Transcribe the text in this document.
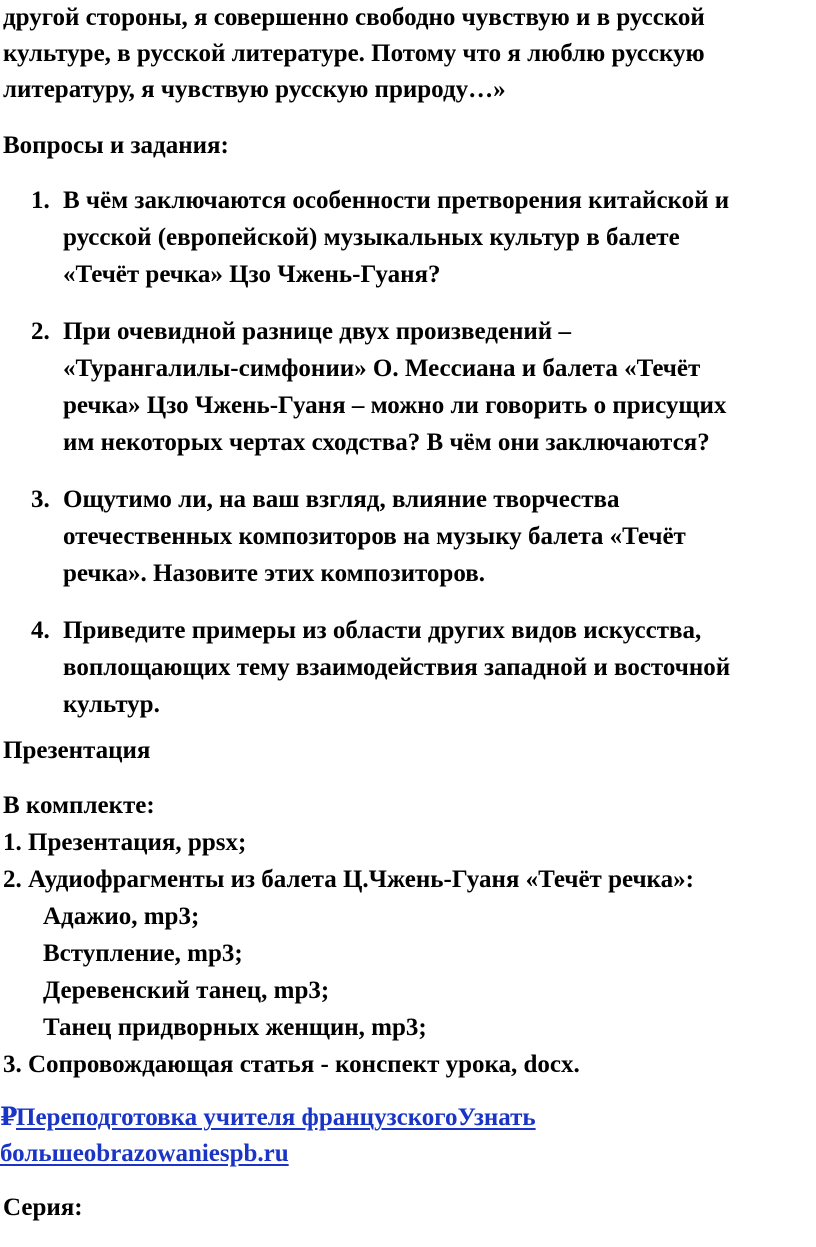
другой стороны, я совершенно свободно чувствую и в русской
культуре, в русской литературе. Потому что я люблю русскую
литературу, я чувствую русскую природу…»
Вопросы и задания:
1. В чём заключаются особенности претворения китайской и
русской (европейской) музыкальных культур в балете
«Течёт речка» Цзо Чжень-Гуаня?
2. При очевидной разнице двух произведений –
«Турангалилы-симфонии» О. Мессиана и балета «Течёт
речка» Цзо Чжень-Гуаня – можно ли говорить о присущих
им некоторых чертах сходства? В чём они заключаются?
3. Ощутимо ли, на ваш взгляд, влияние творчества
отечественных композиторов на музыку балета «Течёт
речка». Назовите этих композиторов.
4. Приведите примеры из области других видов искусства,
воплощающих тему взаимодействия западной и восточной
культур.
Презентация
В комплекте:
1. Презентация, ppsx;
2. Аудиофрагменты из балета Ц.Чжень-Гуаня «Течёт речка»:
Адажио, mp3;
Вступление, mp3;
Деревенский танец, mp3;
Танец придворных женщин, mp3;
3. Сопровождающая статья - конспект урока, docx.
₽
Переподготовка учителя французскогоУзнать
большеobrazowaniespb.ru
Серия:
